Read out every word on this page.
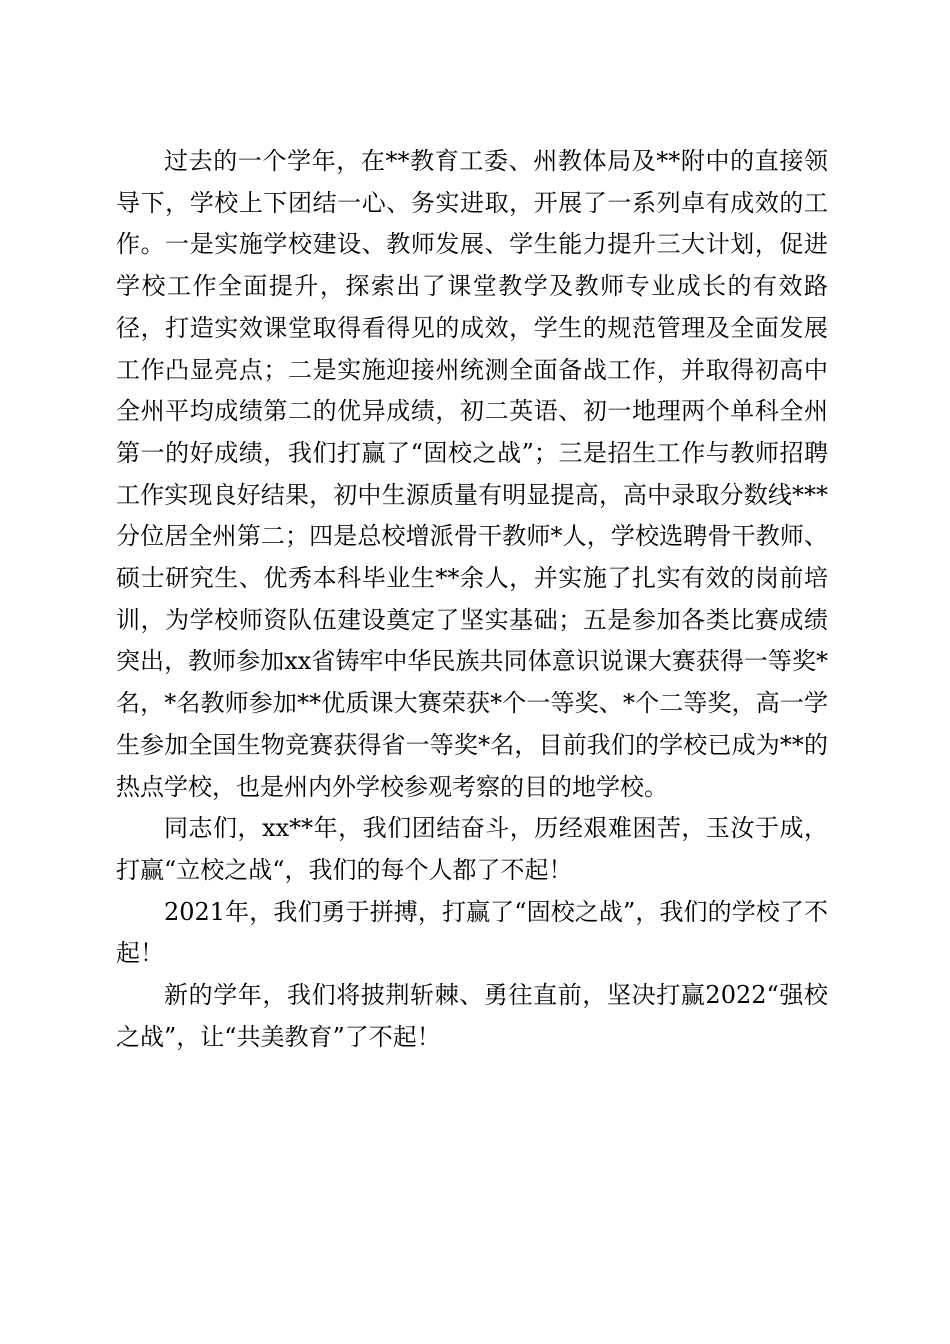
过去的一个学年，在**教育工委、州教体局及**附中的直接领导下，学校上下团结一心、务实进取，开展了一系列卓有成效的工作。一是实施学校建设、教师发展、学生能力提升三大计划，促进学校工作全面提升，探索出了课堂教学及教师专业成长的有效路径，打造实效课堂取得看得见的成效，学生的规范管理及全面发展工作凸显亮点；二是实施迎接州统测全面备战工作，并取得初高中全州平均成绩第二的优异成绩，初二英语、初一地理两个单科全州第一的好成绩，我们打赢了“固校之战”；三是招生工作与教师招聘工作实现良好结果，初中生源质量有明显提高，高中录取分数线***分位居全州第二；四是总校增派骨干教师*人，学校选聘骨干教师、硕士研究生、优秀本科毕业生**余人，并实施了扎实有效的岗前培训，为学校师资队伍建设奠定了坚实基础；五是参加各类比赛成绩突出，教师参加xx省铸牢中华民族共同体意识说课大赛获得一等奖*名，*名教师参加**优质课大赛荣获*个一等奖、*个二等奖，高一学生参加全国生物竞赛获得省一等奖*名，目前我们的学校已成为**的热点学校，也是州内外学校参观考察的目的地学校。

同志们，xx**年，我们团结奋斗，历经艰难困苦，玉汝于成，打赢“立校之战“，我们的每个人都了不起！

2021年，我们勇于拼搏，打赢了“固校之战”，我们的学校了不起！

新的学年，我们将披荆斩棘、勇往直前，坚决打赢2022“强校之战”，让“共美教育”了不起！
